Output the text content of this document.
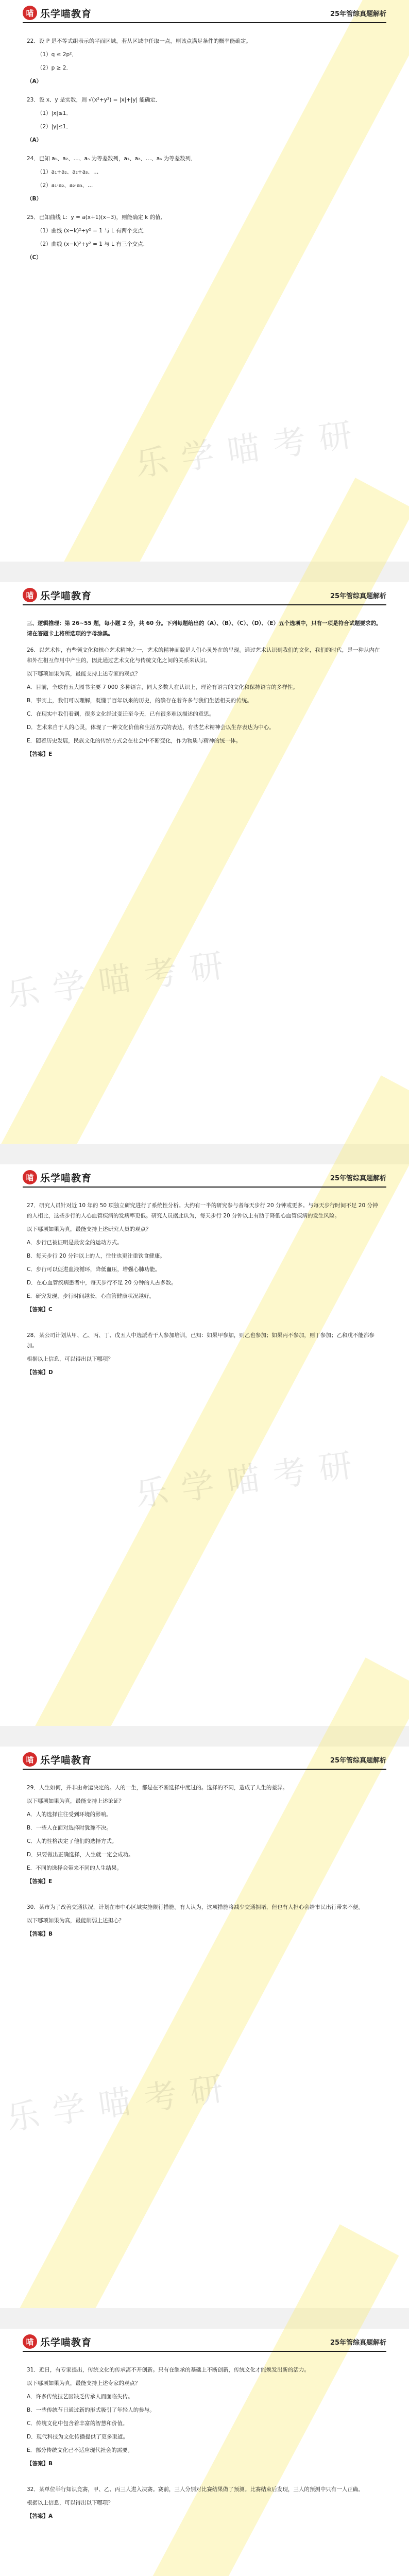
喵 乐学喵教育	25年管综真题解析

22．设 P 是不等式组表示的平面区域，若从区域中任取一点，则该点满足条件的概率能确定。

（1）q ≤ 2p²．

（2）p ≥ 2．

（A）

23．设 x、y 是实数，则 √(x²+y²) = |x|+|y| 能确定．

（1）|x|≤1．

（2）|y|≤1．

（A）

24．已知 a₁、a₂、…、aₙ 为等差数列，a₁、a₂、…、aₙ 为等差数列．

（1）a₁+a₂、a₂+a₃、…

（2）a₁·a₂、a₂·a₃、…

（B）

25．已知曲线 L：y = a(x+1)(x−3)，则能确定 k 的值．

（1）曲线 (x−k)²+y² = 1 与 L 有两个交点．

（2）曲线 (x−k)²+y² = 1 与 L 有三个交点．

（C）

乐学喵考研
喵 乐学喵教育	25年管综真题解析

三、逻辑推理：第 26~55 题，每小题 2 分，共 60 分。下列每题给出的（A）、（B）、（C）、（D）、（E）五个选项中，只有一项是符合试题要求的。请在答题卡上将所选项的字母涂黑。

26．以艺术性，有些领文化和核心艺术精神之一，艺术的精神面貌是人们心灵外在的呈现。通过艺术认识到我们的文化，我们的时代，是一种从内在和外在相互作用中产生的，因此通过艺术文化与传统文化之间的关系来认识。

以下哪项如果为真，最能支持上述专家的观点？

A．目前，全球有五大图书主要 7 000 多种语言，同大多数人在认识上，理论有语言的文化和保持语言的多样性。

B．事实上，我们可以理解，既懂于百年以来的历史，的确存在着许多与我们生活相关的传统。

C．在现实中我们看到，很多文化经过变迁至今天，已有很多难以描述的意思。

D．艺术来自于人的心灵，体现了一种文化价值和生活方式的表达，有些艺术精神会以生存表达为中心。

E．随着历史发展，民族文化的传统方式会在社会中不断变化，作为物质与精神的统一体。

【答案】E

乐学喵考研
喵 乐学喵教育	25年管综真题解析

27．研究人员针对近 10 年的 50 项独立研究进行了系统性分析。大约有一半的研究参与者每天步行 20 分钟或更多。与每天步行时间不足 20 分钟的人相比，这些步行的人心血管疾病的发病率更低。研究人员据此认为，每天步行 20 分钟以上有助于降低心血管疾病的发生风险。

以下哪项如果为真，最能支持上述研究人员的观点？

A．步行已被证明是最安全的运动方式。

B．每天步行 20 分钟以上的人，往往也更注重饮食健康。

C．步行可以促进血液循环，降低血压，增强心肺功能。

D．在心血管疾病患者中，每天步行不足 20 分钟的人占多数。

E．研究发现，步行时间越长，心血管健康状况越好。

【答案】C

28．某公司计划从甲、乙、丙、丁、戊五人中选派若干人参加培训，已知：如果甲参加，则乙也参加；如果丙不参加，则丁参加；乙和戊不能都参加。

根据以上信息，可以得出以下哪项？

【答案】D

乐学喵考研
喵 乐学喵教育	25年管综真题解析

29．人生如何，并非由命运决定的。人的一生，都是在不断选择中度过的。选择的不同，造成了人生的差异。

以下哪项如果为真，最能支持上述论证？

A．人的选择往往受到环境的影响。

B．一些人在面对选择时犹豫不决。

C．人的性格决定了他们的选择方式。

D．只要做出正确选择，人生就一定会成功。

E．不同的选择会带来不同的人生结果。

【答案】E

30．某市为了改善交通状况，计划在市中心区域实施限行措施。有人认为，这项措施将减少交通拥堵，但也有人担心会给市民出行带来不便。

以下哪项如果为真，最能削弱上述担心？

【答案】B

乐学喵考研
喵 乐学喵教育	25年管综真题解析

31．近日，有专家提出，传统文化的传承离不开创新。只有在继承的基础上不断创新，传统文化才能焕发出新的活力。

以下哪项如果为真，最能支持上述专家的观点？

A．许多传统技艺因缺乏传承人而面临失传。

B．一些传统节日通过新的形式吸引了年轻人的参与。

C．传统文化中包含着丰富的智慧和价值。

D．现代科技为文化传播提供了更多渠道。

E．部分传统文化已不适应现代社会的需要。

【答案】B

32．某单位举行知识竞赛，甲、乙、丙三人进入决赛。赛前，三人分别对比赛结果做了预测。比赛结束后发现，三人的预测中只有一人正确。

根据以上信息，可以得出以下哪项？

【答案】A
